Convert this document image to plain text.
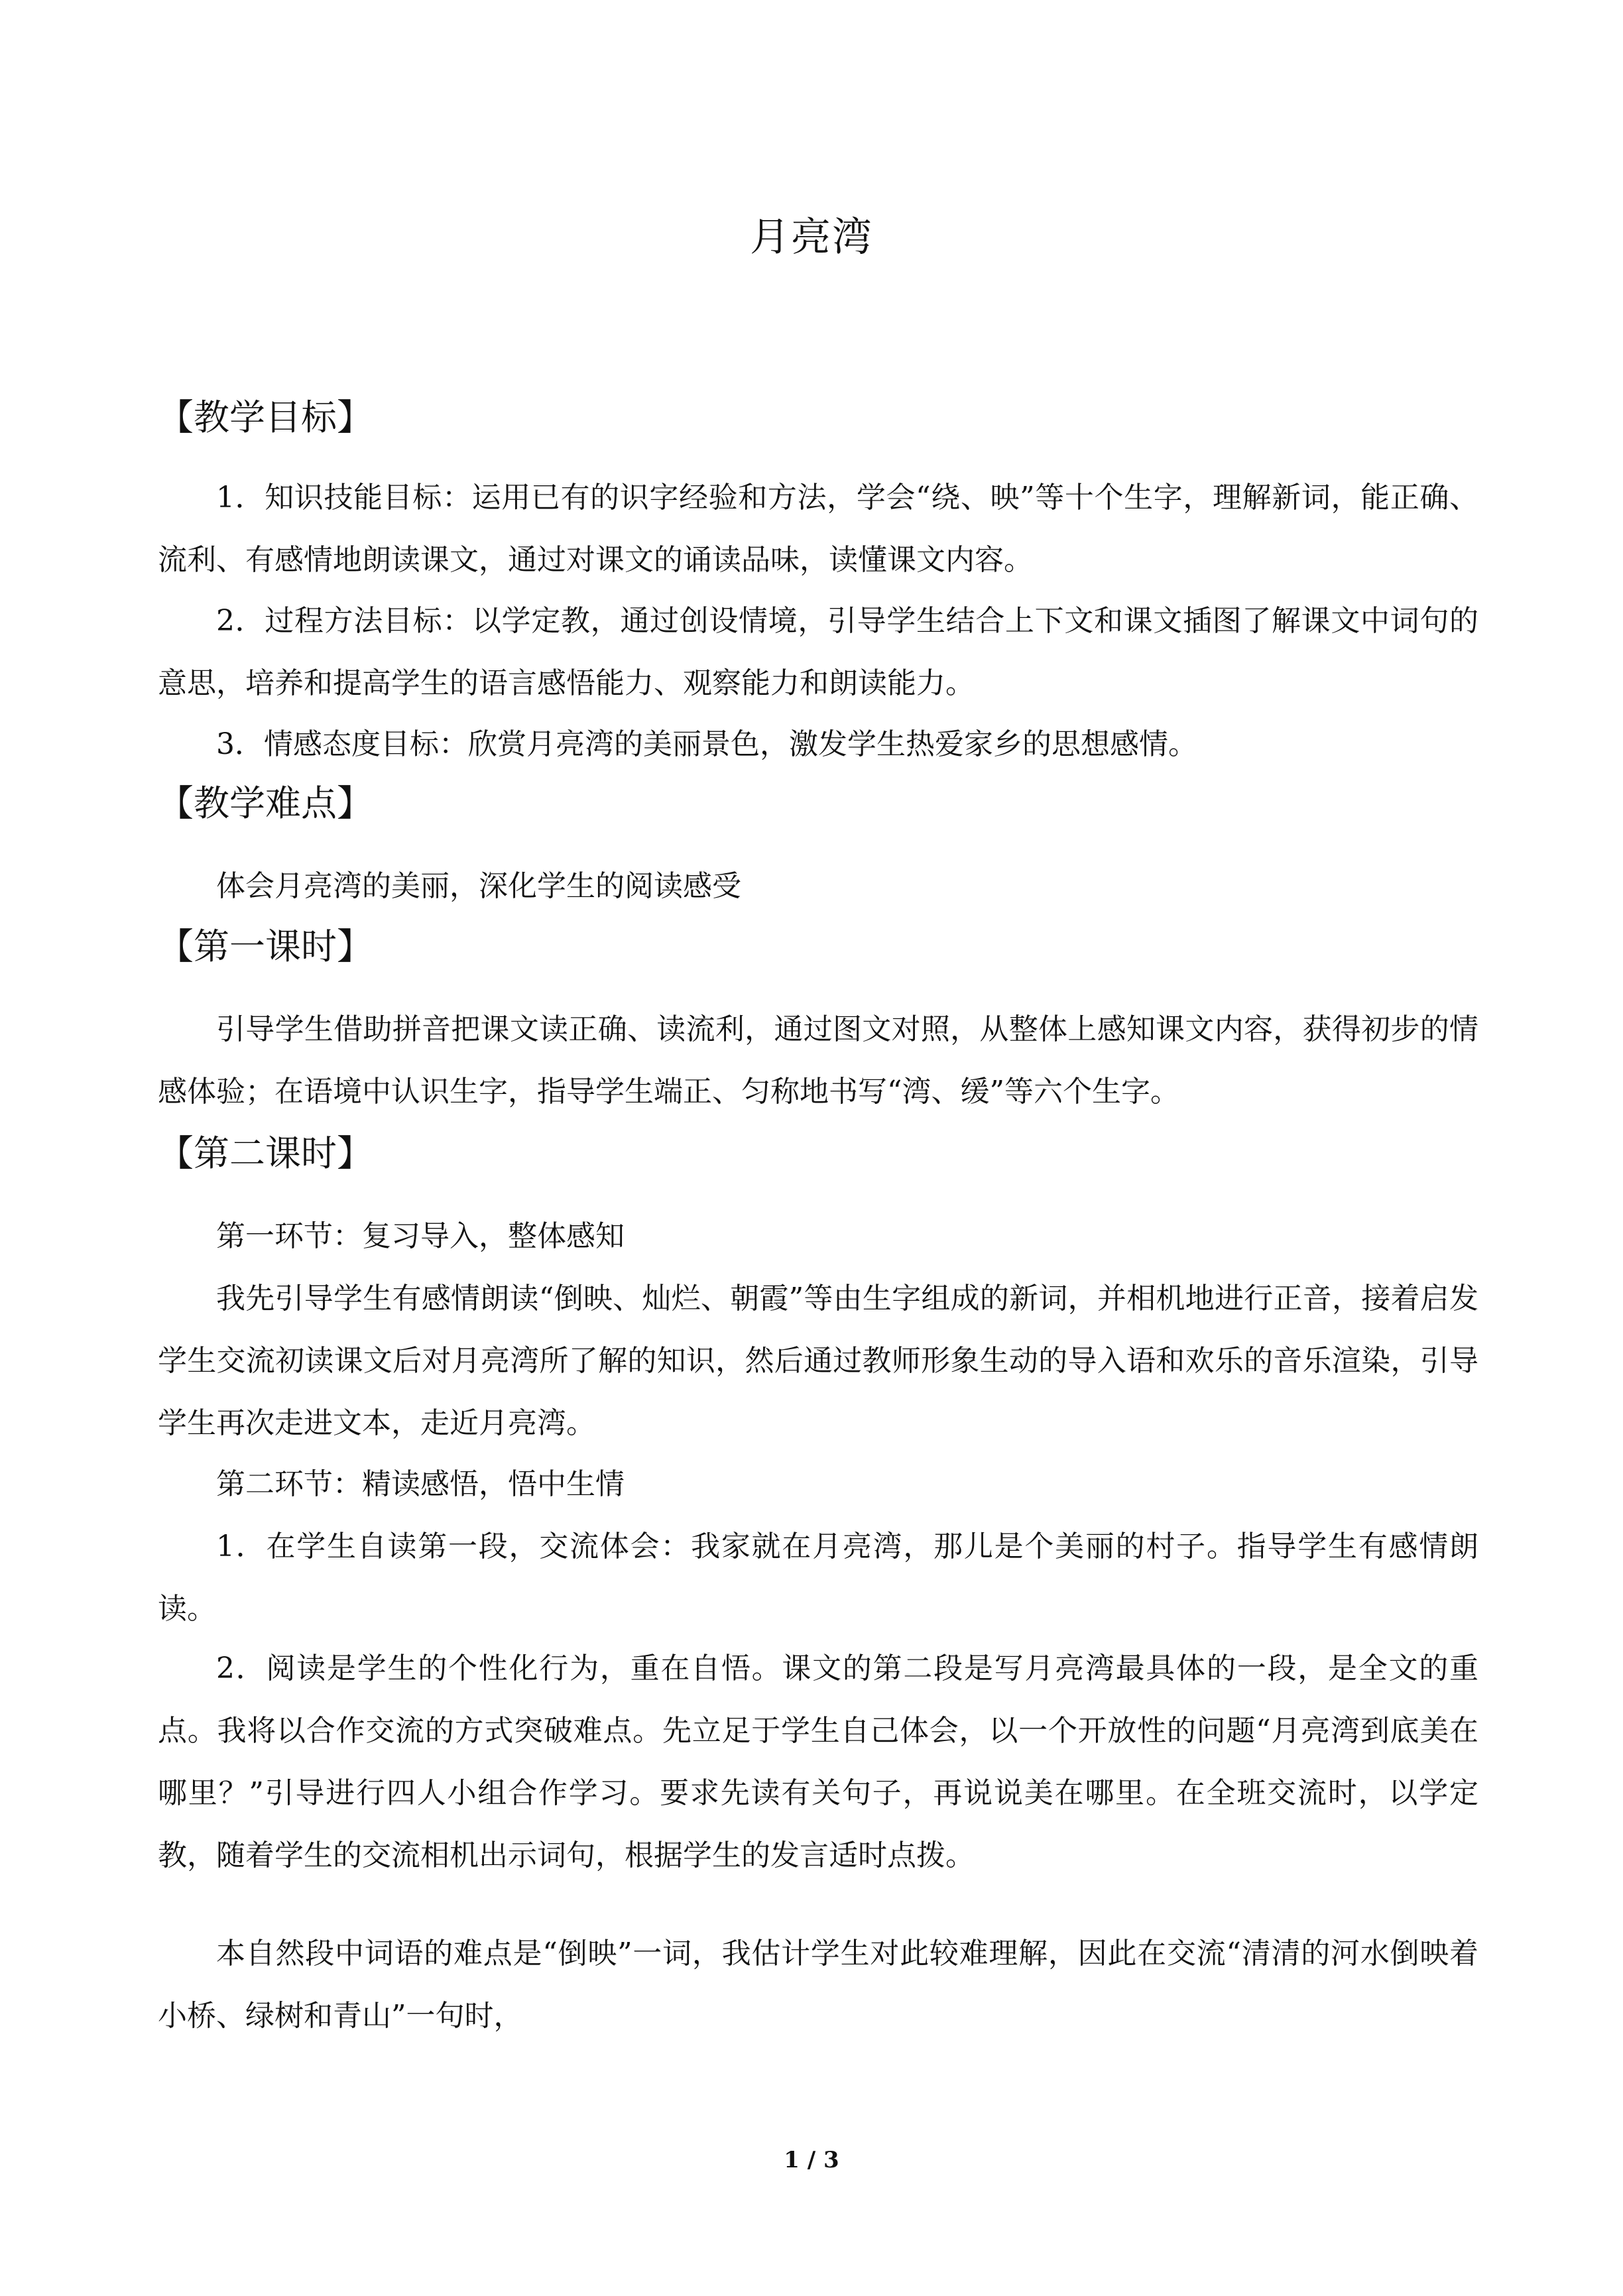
月亮湾
【教学目标】

1．知识技能目标：运用已有的识字经验和方法，学会“绕、映”等十个生字，理解新词，能正确、流利、有感情地朗读课文，通过对课文的诵读品味，读懂课文内容。

2．过程方法目标：以学定教，通过创设情境，引导学生结合上下文和课文插图了解课文中词句的意思，培养和提高学生的语言感悟能力、观察能力和朗读能力。

3．情感态度目标：欣赏月亮湾的美丽景色，激发学生热爱家乡的思想感情。

【教学难点】

体会月亮湾的美丽，深化学生的阅读感受

【第一课时】

引导学生借助拼音把课文读正确、读流利，通过图文对照，从整体上感知课文内容，获得初步的情感体验；在语境中认识生字，指导学生端正、匀称地书写“湾、缓”等六个生字。

【第二课时】

第一环节：复习导入，整体感知

我先引导学生有感情朗读“倒映、灿烂、朝霞”等由生字组成的新词，并相机地进行正音，接着启发学生交流初读课文后对月亮湾所了解的知识，然后通过教师形象生动的导入语和欢乐的音乐渲染，引导学生再次走进文本，走近月亮湾。

第二环节：精读感悟，悟中生情

1．在学生自读第一段，交流体会：我家就在月亮湾，那儿是个美丽的村子。指导学生有感情朗读。

2．阅读是学生的个性化行为，重在自悟。课文的第二段是写月亮湾最具体的一段，是全文的重点。我将以合作交流的方式突破难点。先立足于学生自己体会，以一个开放性的问题“月亮湾到底美在哪里？”引导进行四人小组合作学习。要求先读有关句子，再说说美在哪里。在全班交流时，以学定教，随着学生的交流相机出示词句，根据学生的发言适时点拨。

本自然段中词语的难点是“倒映”一词，我估计学生对此较难理解，因此在交流“清清的河水倒映着小桥、绿树和青山”一句时，

1 / 3
